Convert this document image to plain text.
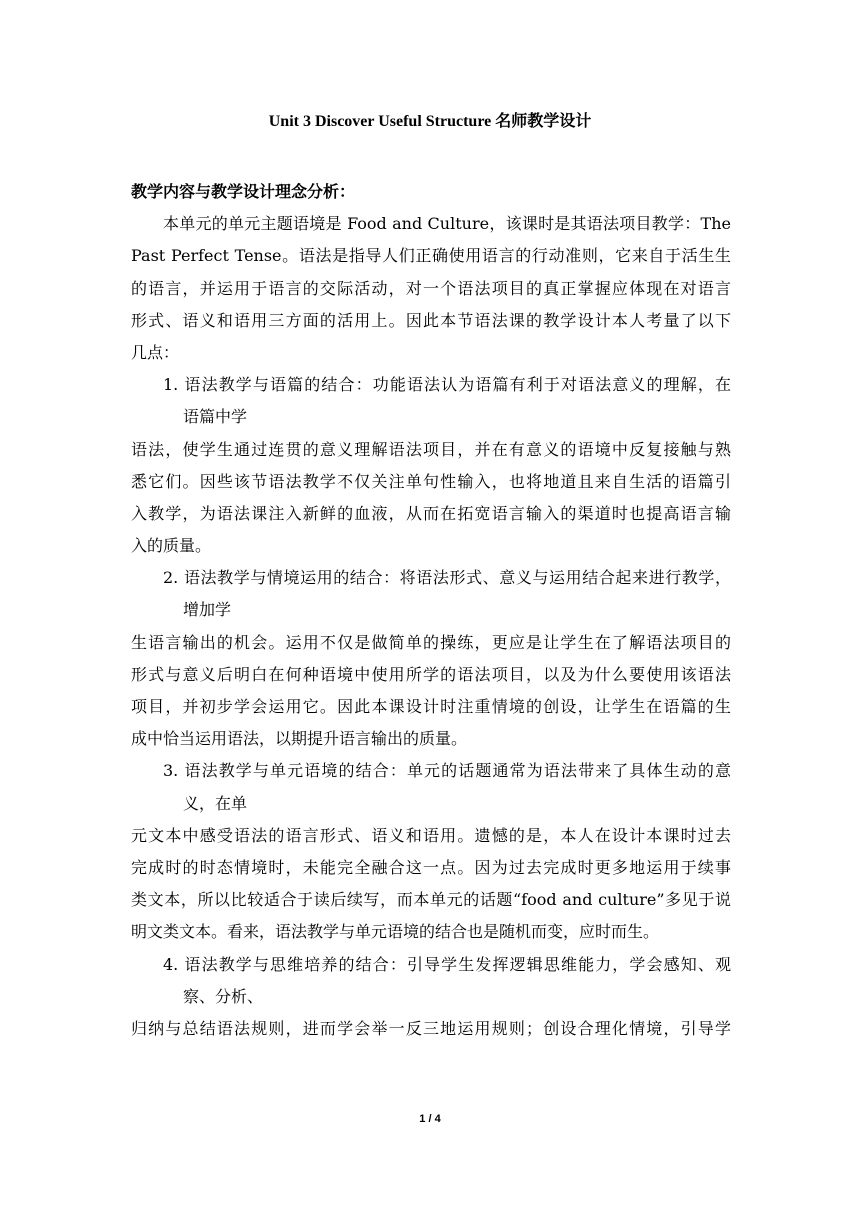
Unit 3 Discover Useful Structure 名师教学设计
教学内容与教学设计理念分析：
本单元的单元主题语境是 Food and Culture，该课时是其语法项目教学：The
Past Perfect Tense。语法是指导人们正确使用语言的行动准则，它来自于活生生
的语言，并运用于语言的交际活动，对一个语法项目的真正掌握应体现在对语言
形式、语义和语用三方面的活用上。因此本节语法课的教学设计本人考量了以下
几点：
1. 语法教学与语篇的结合：功能语法认为语篇有利于对语法意义的理解，在
语篇中学
语法，使学生通过连贯的意义理解语法项目，并在有意义的语境中反复接触与熟
悉它们。因些该节语法教学不仅关注单句性输入，也将地道且来自生活的语篇引
入教学，为语法课注入新鲜的血液，从而在拓宽语言输入的渠道时也提高语言输
入的质量。
2. 语法教学与情境运用的结合：将语法形式、意义与运用结合起来进行教学，
增加学
生语言输出的机会。运用不仅是做简单的操练，更应是让学生在了解语法项目的
形式与意义后明白在何种语境中使用所学的语法项目，以及为什么要使用该语法
项目，并初步学会运用它。因此本课设计时注重情境的创设，让学生在语篇的生
成中恰当运用语法，以期提升语言输出的质量。
3. 语法教学与单元语境的结合：单元的话题通常为语法带来了具体生动的意
义，在单
元文本中感受语法的语言形式、语义和语用。遗憾的是，本人在设计本课时过去
完成时的时态情境时，未能完全融合这一点。因为过去完成时更多地运用于续事
类文本，所以比较适合于读后续写，而本单元的话题“food and culture”多见于说
明文类文本。看来，语法教学与单元语境的结合也是随机而变，应时而生。
4. 语法教学与思维培养的结合：引导学生发挥逻辑思维能力，学会感知、观
察、分析、
归纳与总结语法规则，进而学会举一反三地运用规则；创设合理化情境，引导学
1 / 4
